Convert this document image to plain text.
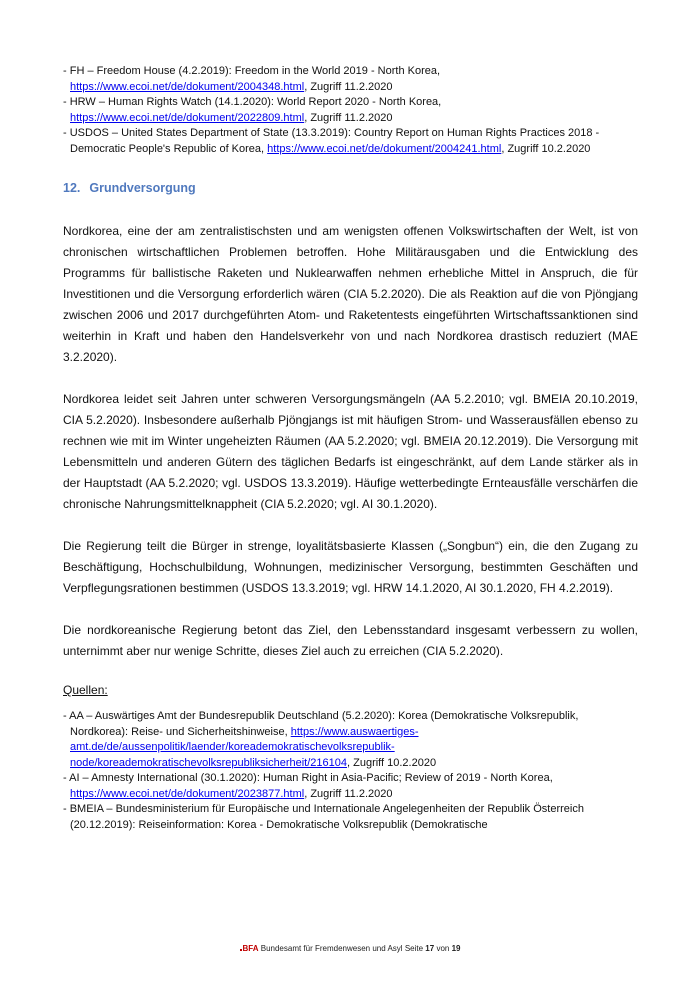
- FH – Freedom House (4.2.2019): Freedom in the World 2019 - North Korea, https://www.ecoi.net/de/dokument/2004348.html, Zugriff 11.2.2020
- HRW – Human Rights Watch (14.1.2020): World Report 2020 - North Korea, https://www.ecoi.net/de/dokument/2022809.html, Zugriff 11.2.2020
- USDOS – United States Department of State (13.3.2019): Country Report on Human Rights Practices 2018 - Democratic People's Republic of Korea, https://www.ecoi.net/de/dokument/2004241.html, Zugriff 10.2.2020
12. Grundversorgung

Nordkorea, eine der am zentralistischsten und am wenigsten offenen Volkswirtschaften der Welt, ist von chronischen wirtschaftlichen Problemen betroffen. Hohe Militärausgaben und die Entwicklung des Programms für ballistische Raketen und Nuklearwaffen nehmen erhebliche Mittel in Anspruch, die für Investitionen und die Versorgung erforderlich wären (CIA 5.2.2020). Die als Reaktion auf die von Pjöngjang zwischen 2006 und 2017 durchgeführten Atom- und Raketentests eingeführten Wirtschaftssanktionen sind weiterhin in Kraft und haben den Handelsverkehr von und nach Nordkorea drastisch reduziert (MAE 3.2.2020).

Nordkorea leidet seit Jahren unter schweren Versorgungsmängeln (AA 5.2.2010; vgl. BMEIA 20.10.2019, CIA 5.2.2020). Insbesondere außerhalb Pjöngjangs ist mit häufigen Strom- und Wasserausfällen ebenso zu rechnen wie mit im Winter ungeheizten Räumen (AA 5.2.2020; vgl. BMEIA 20.12.2019). Die Versorgung mit Lebensmitteln und anderen Gütern des täglichen Bedarfs ist eingeschränkt, auf dem Lande stärker als in der Hauptstadt (AA 5.2.2020; vgl. USDOS 13.3.2019). Häufige wetterbedingte Ernteausfälle verschärfen die chronische Nahrungsmittelknappheit (CIA 5.2.2020; vgl. AI 30.1.2020).

Die Regierung teilt die Bürger in strenge, loyalitätsbasierte Klassen („Songbun“) ein, die den Zugang zu Beschäftigung, Hochschulbildung, Wohnungen, medizinischer Versorgung, bestimmten Geschäften und Verpflegungsrationen bestimmen (USDOS 13.3.2019; vgl. HRW 14.1.2020, AI 30.1.2020, FH 4.2.2019).

Die nordkoreanische Regierung betont das Ziel, den Lebensstandard insgesamt verbessern zu wollen, unternimmt aber nur wenige Schritte, dieses Ziel auch zu erreichen (CIA 5.2.2020).

Quellen:

- AA – Auswärtiges Amt der Bundesrepublik Deutschland (5.2.2020): Korea (Demokratische Volksrepublik, Nordkorea): Reise- und Sicherheitshinweise, https://www.auswaertiges-amt.de/de/aussenpolitik/laender/koreademokratischevolksrepublik-node/koreademokratischevolksrepubliksicherheit/216104, Zugriff 10.2.2020
- AI – Amnesty International (30.1.2020): Human Right in Asia-Pacific; Review of 2019 - North Korea, https://www.ecoi.net/de/dokument/2023877.html, Zugriff 11.2.2020
- BMEIA – Bundesministerium für Europäische und Internationale Angelegenheiten der Republik Österreich (20.12.2019): Reiseinformation: Korea - Demokratische Volksrepublik (Demokratische
BFA Bundesamt für Fremdenwesen und Asyl Seite 17 von 19
